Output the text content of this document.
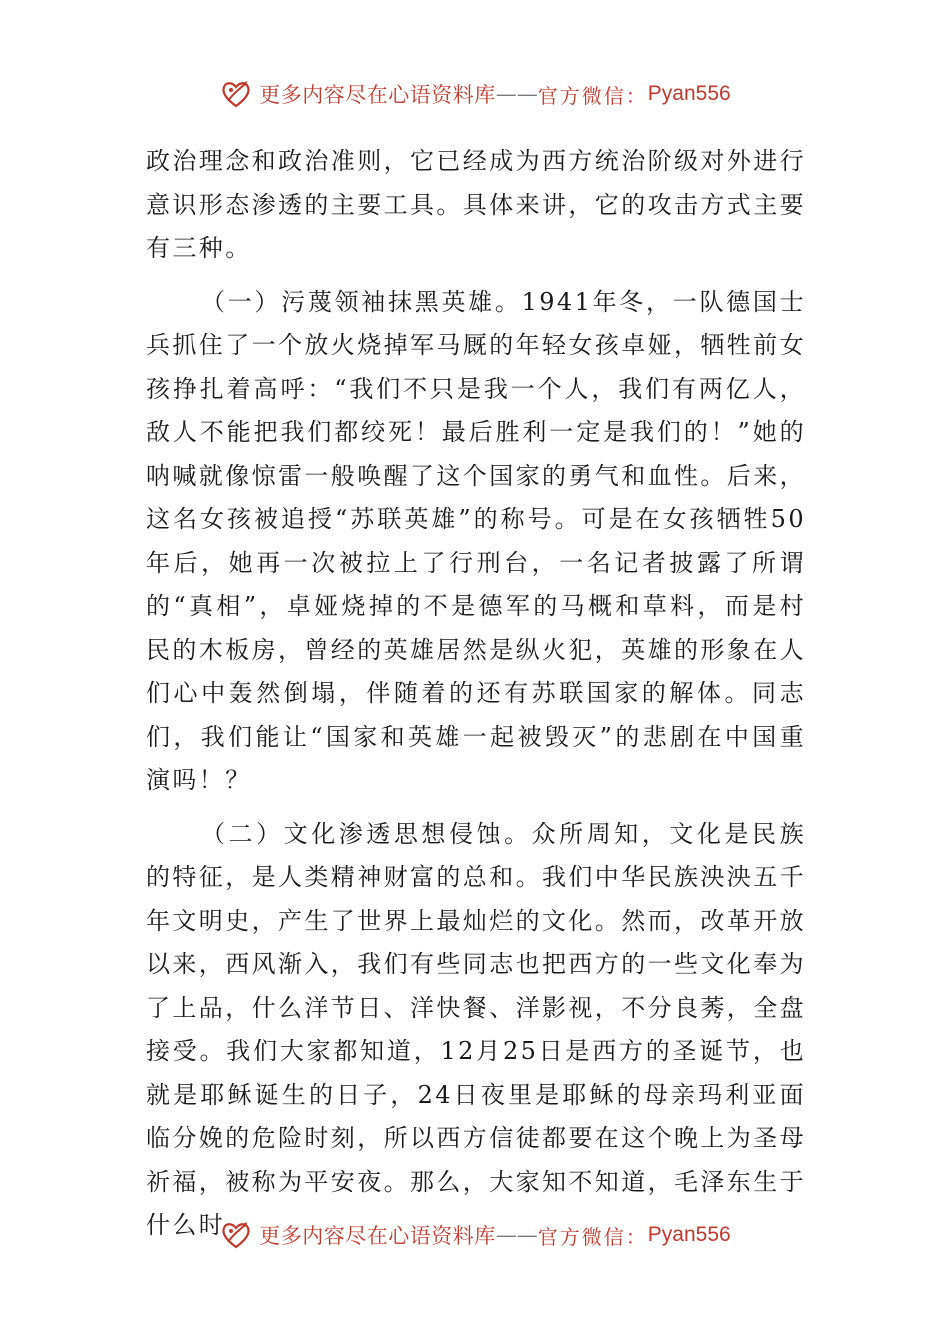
更多内容尽在心语资料库 —— 官方微信： Pyan556

政治理念和政治准则，它已经成为西方统治阶级对外进行意识形态渗透的主要工具。具体来讲，它的攻击方式主要有三种。

（一）污蔑领袖抹黑英雄。1941年冬，一队德国士兵抓住了一个放火烧掉军马厩的年轻女孩卓娅，牺牲前女孩挣扎着高呼：“我们不只是我一个人，我们有两亿人，敌人不能把我们都绞死！最后胜利一定是我们的！”她的呐喊就像惊雷一般唤醒了这个国家的勇气和血性。后来，这名女孩被追授“苏联英雄”的称号。可是在女孩牺牲50年后，她再一次被拉上了行刑台，一名记者披露了所谓的“真相”，卓娅烧掉的不是德军的马概和草料，而是村民的木板房，曾经的英雄居然是纵火犯，英雄的形象在人们心中轰然倒塌，伴随着的还有苏联国家的解体。同志们，我们能让“国家和英雄一起被毁灭”的悲剧在中国重演吗！？

（二）文化渗透思想侵蚀。众所周知，文化是民族的特征，是人类精神财富的总和。我们中华民族泱泱五千年文明史，产生了世界上最灿烂的文化。然而，改革开放以来，西风渐入，我们有些同志也把西方的一些文化奉为了上品，什么洋节日、洋快餐、洋影视，不分良莠，全盘接受。我们大家都知道，12月25日是西方的圣诞节，也就是耶稣诞生的日子，24日夜里是耶稣的母亲玛利亚面临分娩的危险时刻，所以西方信徒都要在这个晚上为圣母祈福，被称为平安夜。那么，大家知不知道，毛泽东生于什么时	更多内容尽在心语资料库 —— 官方微信： Pyan556
